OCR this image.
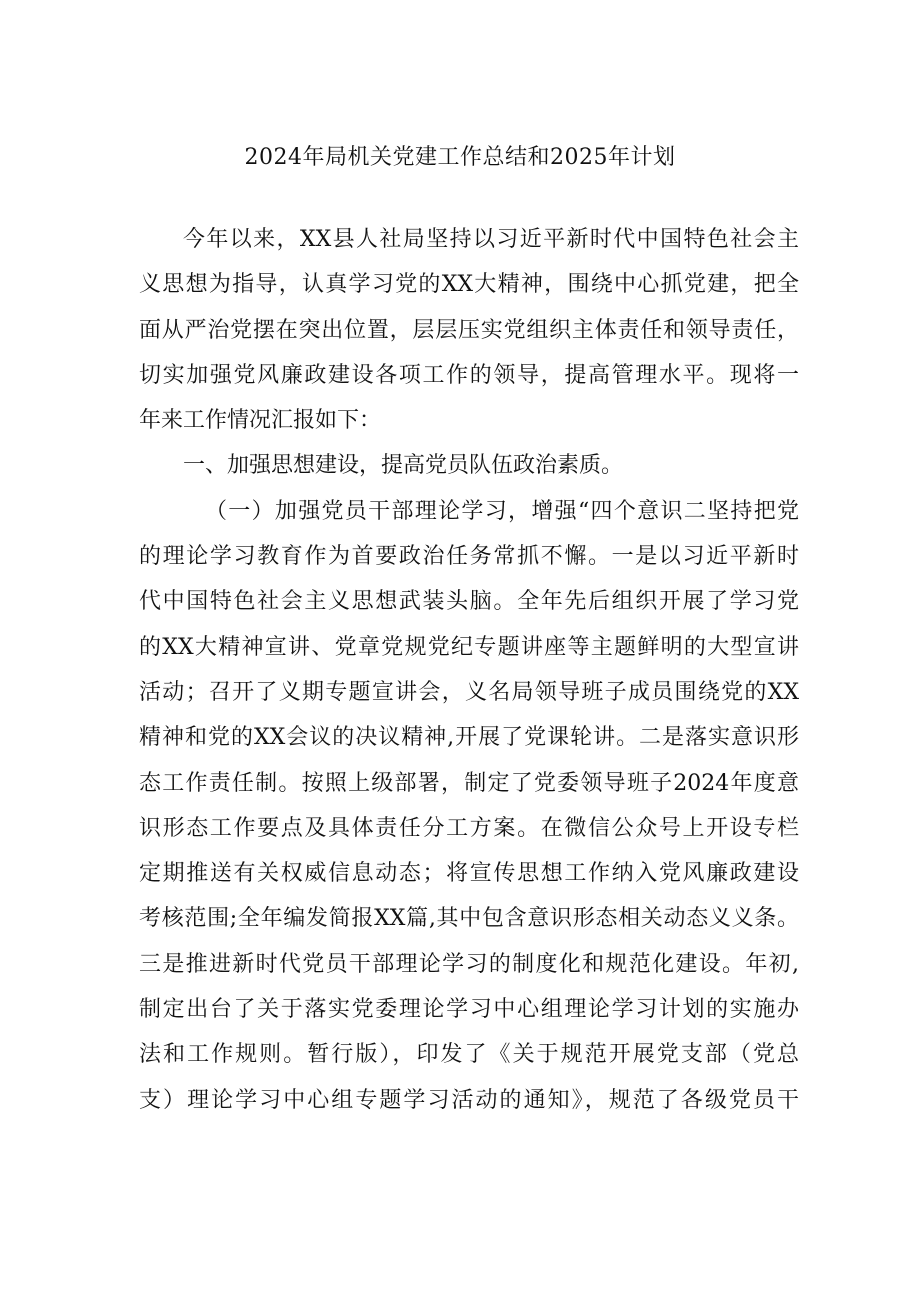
2024年局机关党建工作总结和2025年计划
今年以来，XX县人社局坚持以习近平新时代中国特色社会主
义思想为指导，认真学习党的XX大精神，围绕中心抓党建，把全
面从严治党摆在突出位置，层层压实党组织主体责任和领导责任，
切实加强党风廉政建设各项工作的领导，提高管理水平。现将一
年来工作情况汇报如下：
一、加强思想建设，提高党员队伍政治素质。
（一）加强党员干部理论学习，增强“四个意识二坚持把党
的理论学习教育作为首要政治任务常抓不懈。一是以习近平新时
代中国特色社会主义思想武装头脑。全年先后组织开展了学习党
的XX大精神宣讲、党章党规党纪专题讲座等主题鲜明的大型宣讲
活动；召开了义期专题宣讲会，义名局领导班子成员围绕党的XX
精神和党的XX会议的决议精神,开展了党课轮讲。二是落实意识形
态工作责任制。按照上级部署，制定了党委领导班子2024年度意
识形态工作要点及具体责任分工方案。在微信公众号上开设专栏
定期推送有关权威信息动态；将宣传思想工作纳入党风廉政建设
考核范围;全年编发简报XX篇,其中包含意识形态相关动态义义条。
三是推进新时代党员干部理论学习的制度化和规范化建设。年初,
制定出台了关于落实党委理论学习中心组理论学习计划的实施办
法和工作规则。暂行版），印发了《关于规范开展党支部（党总
支）理论学习中心组专题学习活动的通知》，规范了各级党员干
